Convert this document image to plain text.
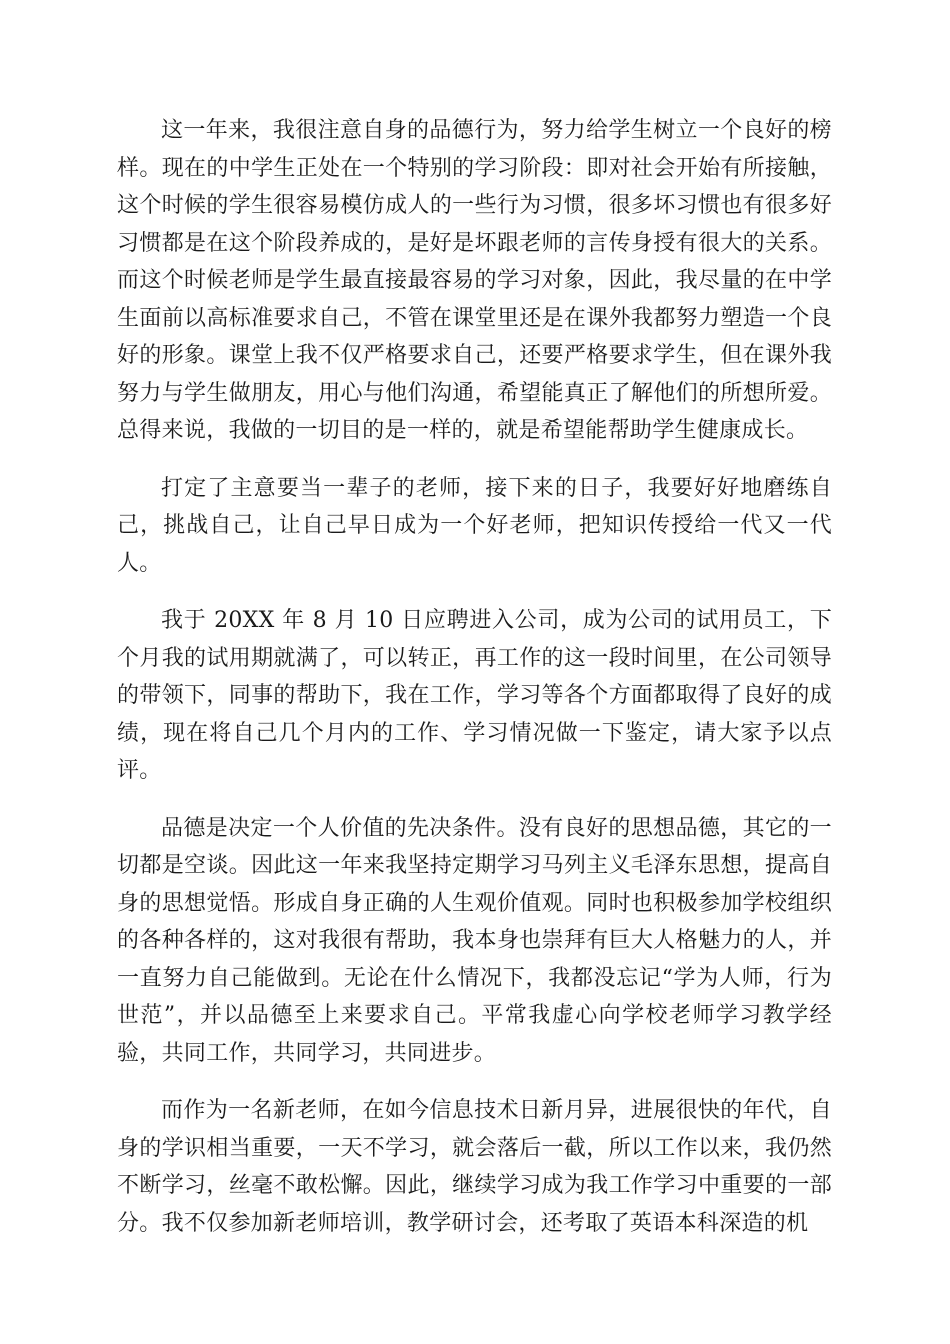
这一年来，我很注意自身的品德行为，努力给学生树立一个良好的榜样。现在的中学生正处在一个特别的学习阶段：即对社会开始有所接触，这个时候的学生很容易模仿成人的一些行为习惯，很多坏习惯也有很多好习惯都是在这个阶段养成的，是好是坏跟老师的言传身授有很大的关系。而这个时候老师是学生最直接最容易的学习对象，因此，我尽量的在中学生面前以高标准要求自己，不管在课堂里还是在课外我都努力塑造一个良好的形象。课堂上我不仅严格要求自己，还要严格要求学生，但在课外我努力与学生做朋友，用心与他们沟通，希望能真正了解他们的所想所爱。总得来说，我做的一切目的是一样的，就是希望能帮助学生健康成长。

打定了主意要当一辈子的老师，接下来的日子，我要好好地磨练自己，挑战自己，让自己早日成为一个好老师，把知识传授给一代又一代人。

我于 20XX 年 8 月 10 日应聘进入公司，成为公司的试用员工，下个月我的试用期就满了，可以转正，再工作的这一段时间里，在公司领导的带领下，同事的帮助下，我在工作，学习等各个方面都取得了良好的成绩，现在将自己几个月内的工作、学习情况做一下鉴定，请大家予以点评。

品德是决定一个人价值的先决条件。没有良好的思想品德，其它的一切都是空谈。因此这一年来我坚持定期学习马列主义毛泽东思想，提高自身的思想觉悟。形成自身正确的人生观价值观。同时也积极参加学校组织的各种各样的，这对我很有帮助，我本身也崇拜有巨大人格魅力的人，并一直努力自己能做到。无论在什么情况下，我都没忘记“学为人师，行为世范”，并以品德至上来要求自己。平常我虚心向学校老师学习教学经验，共同工作，共同学习，共同进步。

而作为一名新老师，在如今信息技术日新月异，进展很快的年代，自身的学识相当重要，一天不学习，就会落后一截，所以工作以来，我仍然不断学习，丝毫不敢松懈。因此，继续学习成为我工作学习中重要的一部分。我不仅参加新老师培训，教学研讨会，还考取了英语本科深造的机
